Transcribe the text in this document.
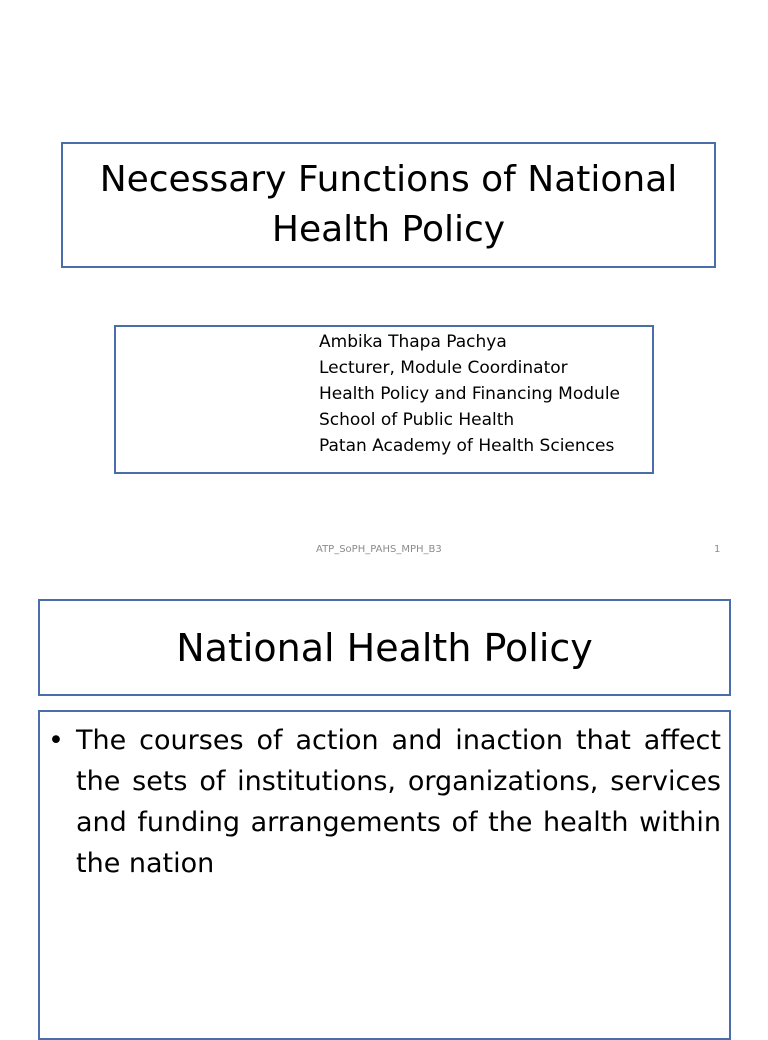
Necessary Functions of National Health Policy
Ambika Thapa Pachya
Lecturer, Module Coordinator
Health Policy and Financing Module
School of Public Health
Patan Academy of Health Sciences
ATP_SoPH_PAHS_MPH_B3	1
National Health Policy
• The courses of action and inaction that affect the sets of institutions, organizations, services and funding arrangements of the health within the nation
